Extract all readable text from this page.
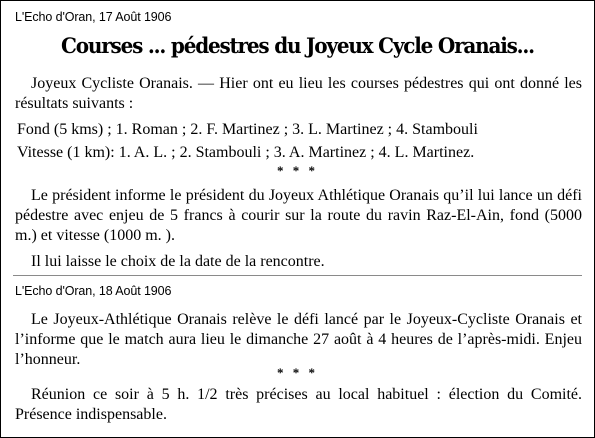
L'Echo d'Oran, 17 Août 1906
Courses ... pédestres du Joyeux Cycle Oranais...

Joyeux Cycliste Oranais. — Hier ont eu lieu les courses pédestres qui ont donné les résultats suivants :

Fond (5 kms) ; 1. Roman ; 2. F. Martinez ; 3. L. Martinez ; 4. Stambouli

Vitesse (1 km): 1. A. L. ; 2. Stambouli ; 3. A. Martinez ; 4. L. Martinez.

* * *

Le président informe le président du Joyeux Athlétique Oranais qu’il lui lance un défi pédestre avec enjeu de 5 francs à courir sur la route du ravin Raz-El-Ain, fond (5000 m.) et vitesse (1000 m. ).

Il lui laisse le choix de la date de la rencontre.

L'Echo d'Oran, 18 Août 1906

Le Joyeux-Athlétique Oranais relève le défi lancé par le Joyeux-Cycliste Oranais et l’informe que le match aura lieu le dimanche 27 août à 4 heures de l’après-midi. Enjeu l’honneur.

* * *

Réunion ce soir à 5 h. 1/2 très précises au local habituel : élection du Comité. Présence indispensable.
